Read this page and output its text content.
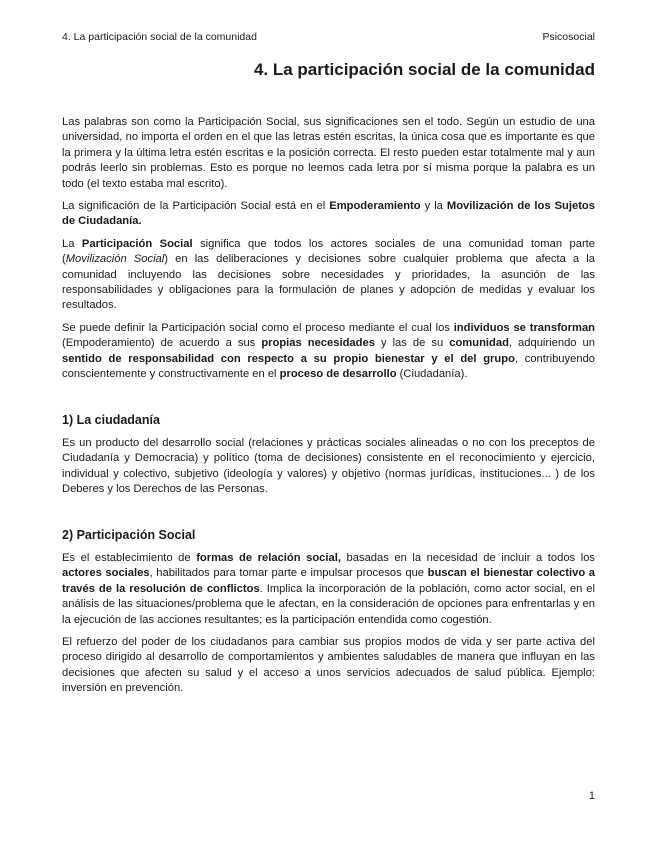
4. La participación social de la comunidad	Psicosocial
4. La participación social de la comunidad

Las palabras son como la Participación Social, sus significaciones sen el todo. Según un estudio de una universidad, no importa el orden en el que las letras estén escritas, la única cosa que es importante es que la primera y la última letra estén escritas e la posición correcta. El resto pueden estar totalmente mal y aun podrás leerlo sin problemas. Esto es porque no leemos cada letra por sí misma porque la palabra es un todo (el texto estaba mal escrito).

La significación de la Participación Social está en el Empoderamiento y la Movilización de los Sujetos de Ciudadanía.

La Participación Social significa que todos los actores sociales de una comunidad toman parte (Movilización Social) en las deliberaciones y decisiones sobre cualquier problema que afecta a la comunidad incluyendo las decisiones sobre necesidades y prioridades, la asunción de las responsabilidades y obligaciones para la formulación de planes y adopción de medidas y evaluar los resultados.

Se puede definir la Participación social como el proceso mediante el cual los individuos se transforman (Empoderamiento) de acuerdo a sus propias necesidades y las de su comunidad, adquiriendo un sentido de responsabilidad con respecto a su propio bienestar y el del grupo, contribuyendo conscientemente y constructivamente en el proceso de desarrollo (Ciudadanía).

1) La ciudadanía

Es un producto del desarrollo social (relaciones y prácticas sociales alineadas o no con los preceptos de Ciudadanía y Democracia) y político (toma de decisiones) consistente en el reconocimiento y ejercicio, individual y colectivo, subjetivo (ideología y valores) y objetivo (normas jurídicas, instituciones... ) de los Deberes y los Derechos de las Personas.

2) Participación Social

Es el establecimiento de formas de relación social, basadas en la necesidad de incluir a todos los actores sociales, habilitados para tomar parte e impulsar procesos que buscan el bienestar colectivo a través de la resolución de conflictos. Implica la incorporación de la población, como actor social, en el análisis de las situaciones/problema que le afectan, en la consideración de opciones para enfrentarlas y en la ejecución de las acciones resultantes; es la participación entendida como cogestión.

El refuerzo del poder de los ciudadanos para cambiar sus propios modos de vida y ser parte activa del proceso dirigido al desarrollo de comportamientos y ambientes saludables de manera que influyan en las decisiones que afecten su salud y el acceso a unos servicios adecuados de salud pública. Ejemplo: inversión en prevención.

1
